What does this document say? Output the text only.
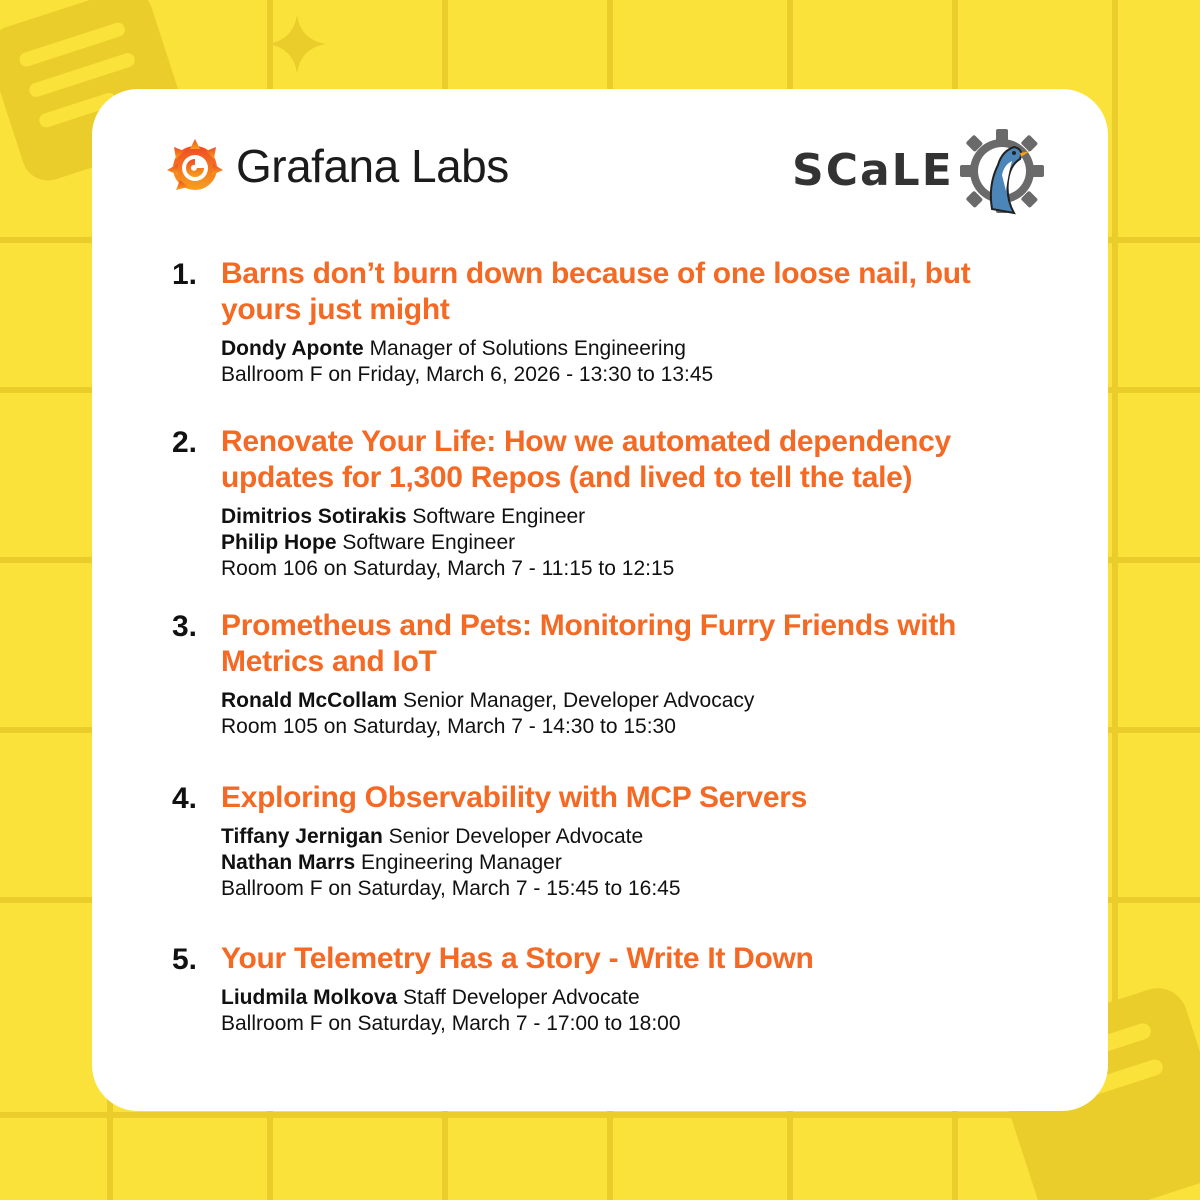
Grafana Labs	SCaLE
1. Barns don’t burn down because of one loose nail, but yours just might
Dondy Aponte Manager of Solutions Engineering
Ballroom F on Friday, March 6, 2026 - 13:30 to 13:45
2. Renovate Your Life: How we automated dependency updates for 1,300 Repos (and lived to tell the tale)
Dimitrios Sotirakis Software Engineer
Philip Hope Software Engineer
Room 106 on Saturday, March 7 - 11:15 to 12:15
3. Prometheus and Pets: Monitoring Furry Friends with Metrics and IoT
Ronald McCollam Senior Manager, Developer Advocacy
Room 105 on Saturday, March 7 - 14:30 to 15:30
4. Exploring Observability with MCP Servers
Tiffany Jernigan Senior Developer Advocate
Nathan Marrs Engineering Manager
Ballroom F on Saturday, March 7 - 15:45 to 16:45
5. Your Telemetry Has a Story - Write It Down
Liudmila Molkova Staff Developer Advocate
Ballroom F on Saturday, March 7 - 17:00 to 18:00
